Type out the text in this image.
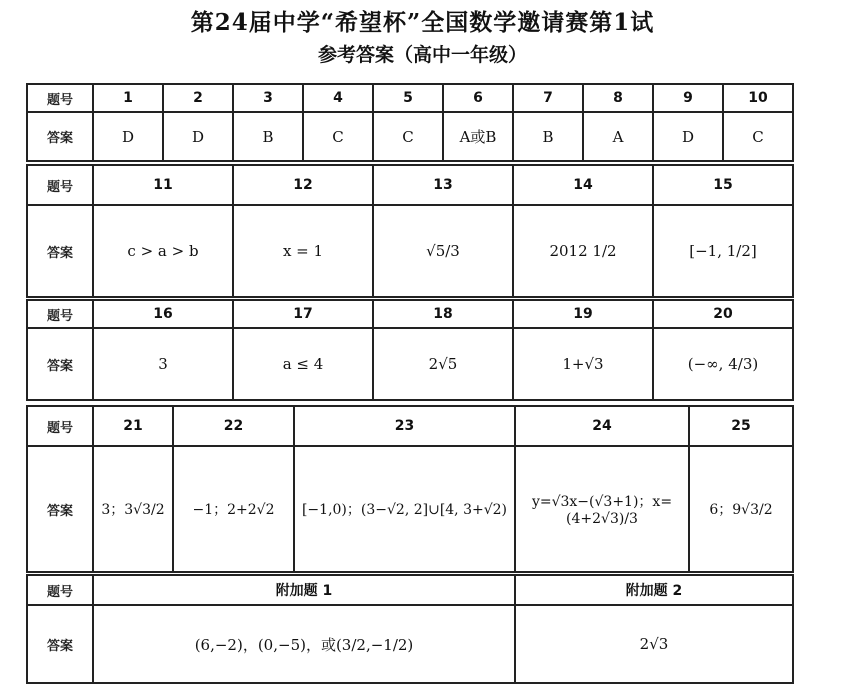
第24届中学“希望杯”全国数学邀请赛第1试
参考答案（高中一年级）
题号	1	2	3	4	5	6	7	8	9	10
答案	D	D	B	C	C	A或B	B	A	D	C
题号	11	12	13	14	15
答案	c > a > b	x = 1	√5/3	2012 1/2	[−1, 1/2]
题号	16	17	18	19	20
答案	3	a ≤ 4	2√5	1+√3	(−∞, 4/3)
题号	21	22	23	24	25
答案	3；3√3/2	−1；2+2√2	[−1,0)；(3−√2, 2]∪[4, 3+√2)	y=√3x−(√3+1)；x=(4+2√3)/3	6；9√3/2
题号	附加题 1	附加题 2
答案	(6,−2)，(0,−5)，或(3/2,−1/2)	2√3
